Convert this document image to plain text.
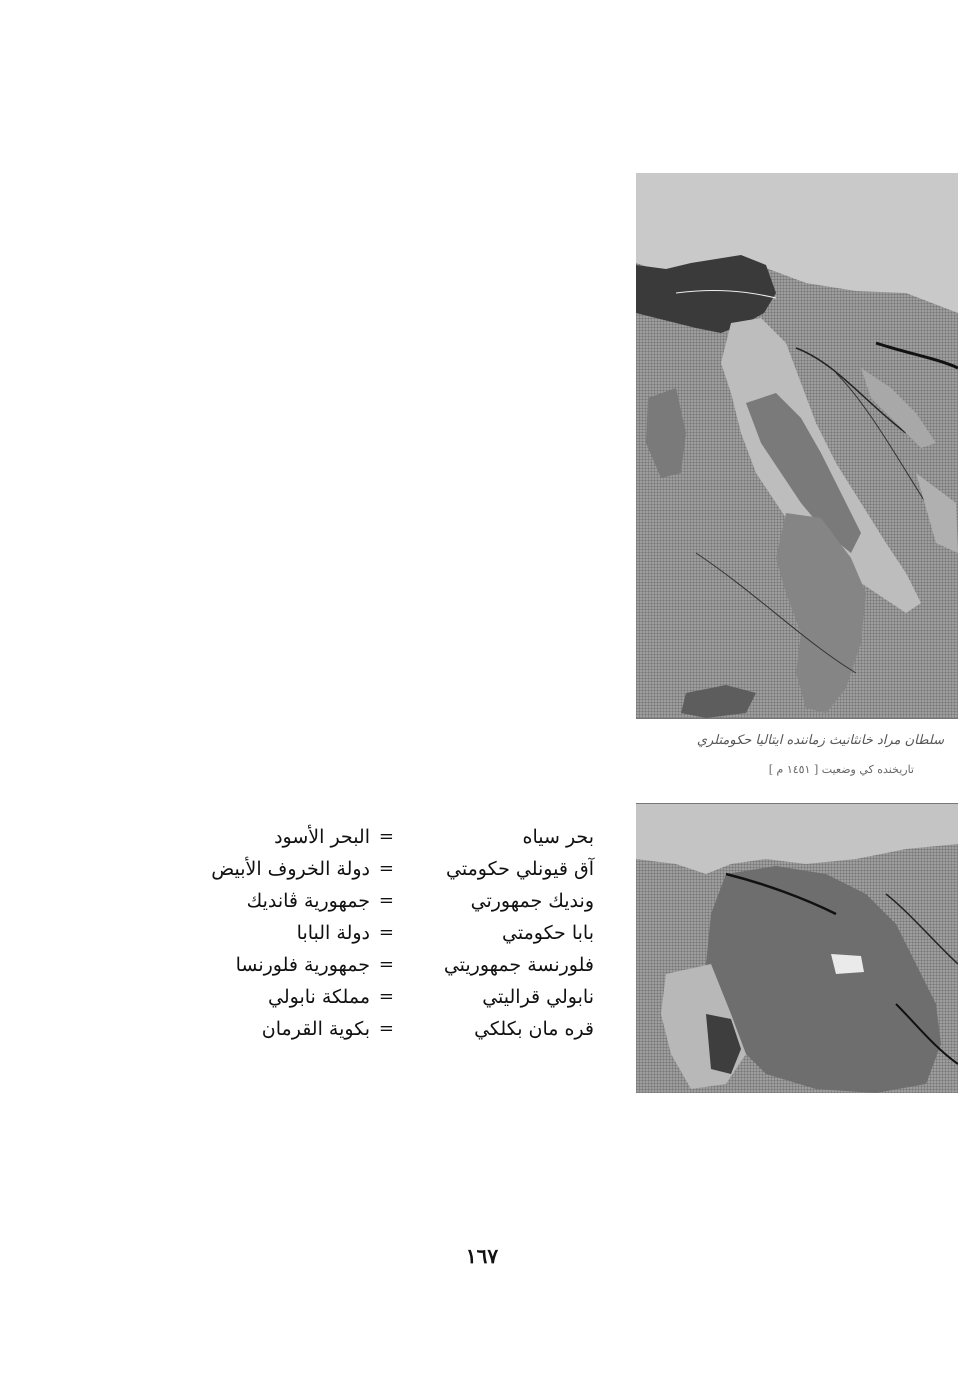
سلطان مراد خانثانيث زماننده ايتاليا حكومتلري
[ ١٤٥١ م ] تاريخنده كي وضعيت
بحر سياه
=
البحر الأسود
آق قيونلي حكومتي
=
دولة الخروف الأبيض
ونديك جمهورتي
=
جمهورية ڤانديك
بابا حكومتي
=
دولة البابا
فلورنسة جمهوريتي
=
جمهورية فلورنسا
نابولي قراليتي
=
مملكة نابولي
قره مان بكلكي
=
بكوية القرمان
١٦٧
